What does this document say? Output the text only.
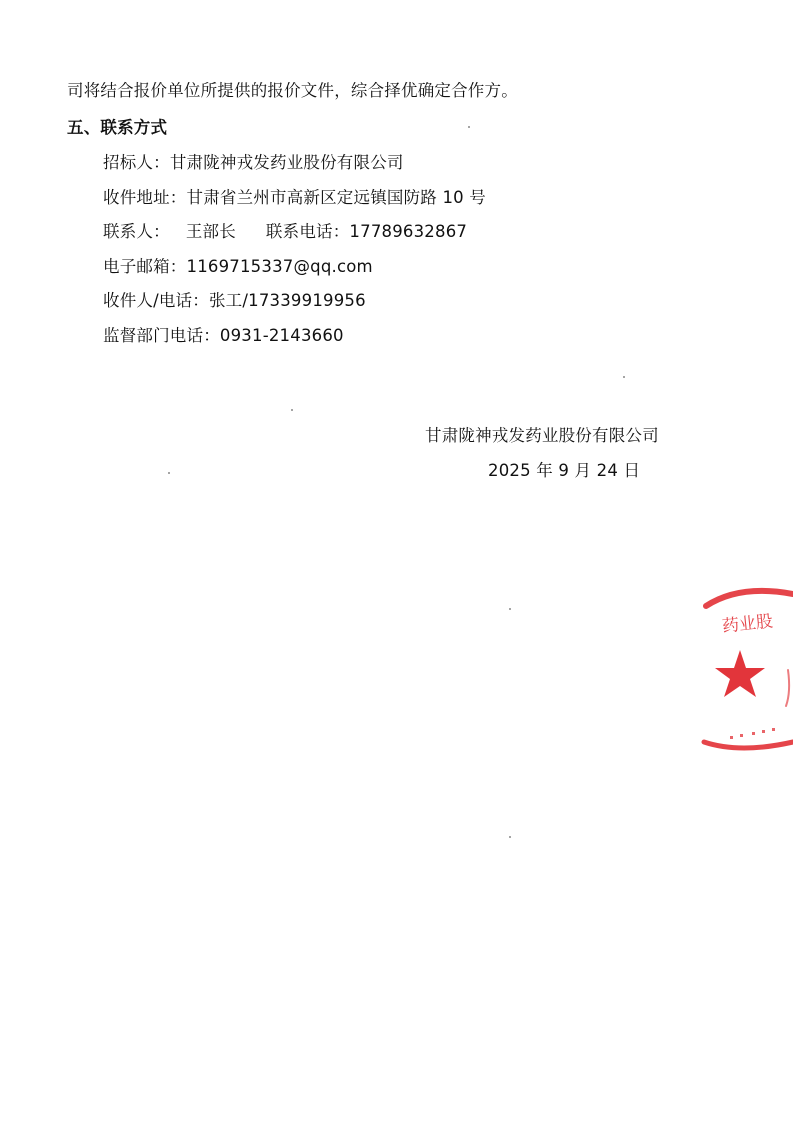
司将结合报价单位所提供的报价文件，综合择优确定合作方。
五、联系方式
招标人：甘肃陇神戎发药业股份有限公司
收件地址：甘肃省兰州市高新区定远镇国防路 10 号
联系人： 王部长 联系电话：17789632867
电子邮箱：1169715337@qq.com
收件人/电话：张工/17339919956
监督部门电话：0931-2143660
甘肃陇神戎发药业股份有限公司
2025 年 9 月 24 日
药业股
